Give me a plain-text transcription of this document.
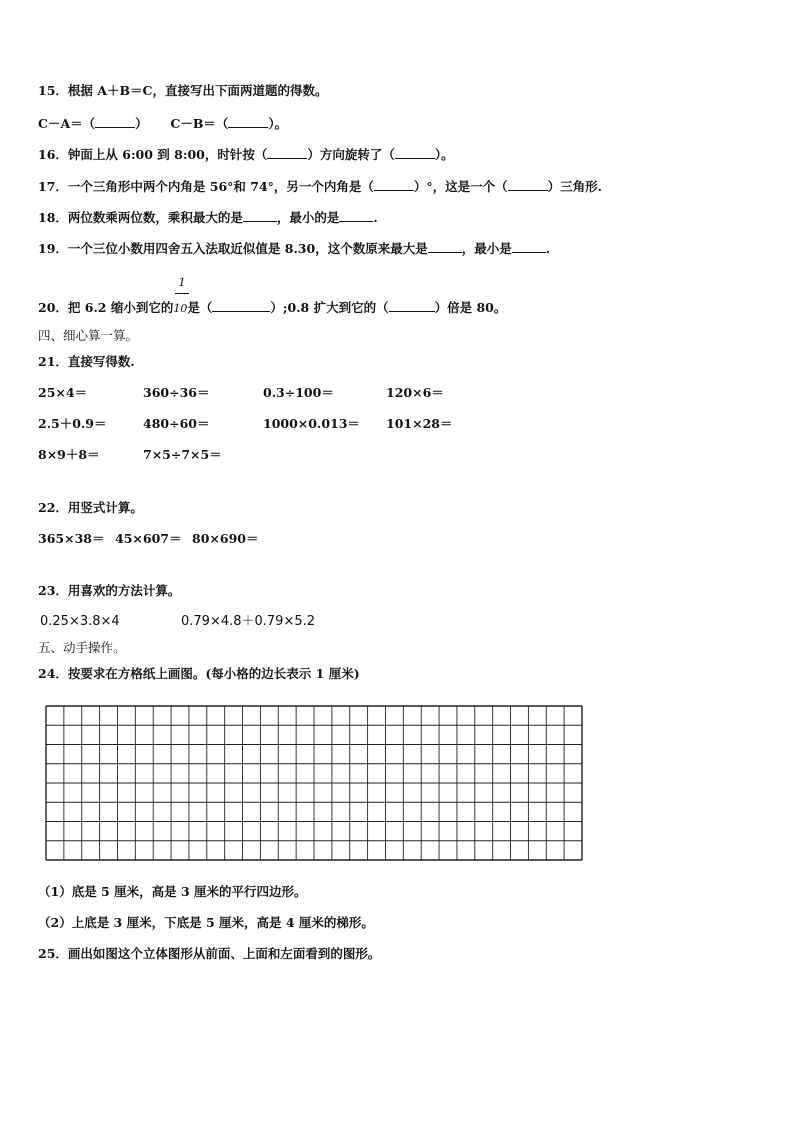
15．根据 A＋B＝C，直接写出下面两道题的得数。
C－A＝（	） C－B＝（	）。
16．钟面上从 6:00 到 8:00，时针按（	）方向旋转了（	）。
17．一个三角形中两个内角是 56°和 74°，另一个内角是（	）°，这是一个（	）三角形.
18．两位数乘两位数，乘积最大的是	，最小的是	.
19．一个三位小数用四舍五入法取近似值是 8.30，这个数原来最大是	，最小是	.
1
20．把 6.2 缩小到它的10是（	）;0.8 扩大到它的（	）倍是 80。
四、细心算一算。
21．直接写得数.
25×4＝	360÷36＝	0.3÷100＝	120×6＝
2.5＋0.9＝	480÷60＝	1000×0.013＝ 101×28＝
8×9＋8＝	7×5÷7×5＝
22．用竖式计算。
365×38＝ 45×607＝ 80×690＝
23．用喜欢的方法计算。
0.25×3.8×4	0.79×4.8＋0.79×5.2
五、动手操作。
24．按要求在方格纸上画图。(每小格的边长表示 1 厘米)
（1）底是 5 厘米，高是 3 厘米的平行四边形。
（2）上底是 3 厘米，下底是 5 厘米，高是 4 厘米的梯形。
25．画出如图这个立体图形从前面、上面和左面看到的图形。
